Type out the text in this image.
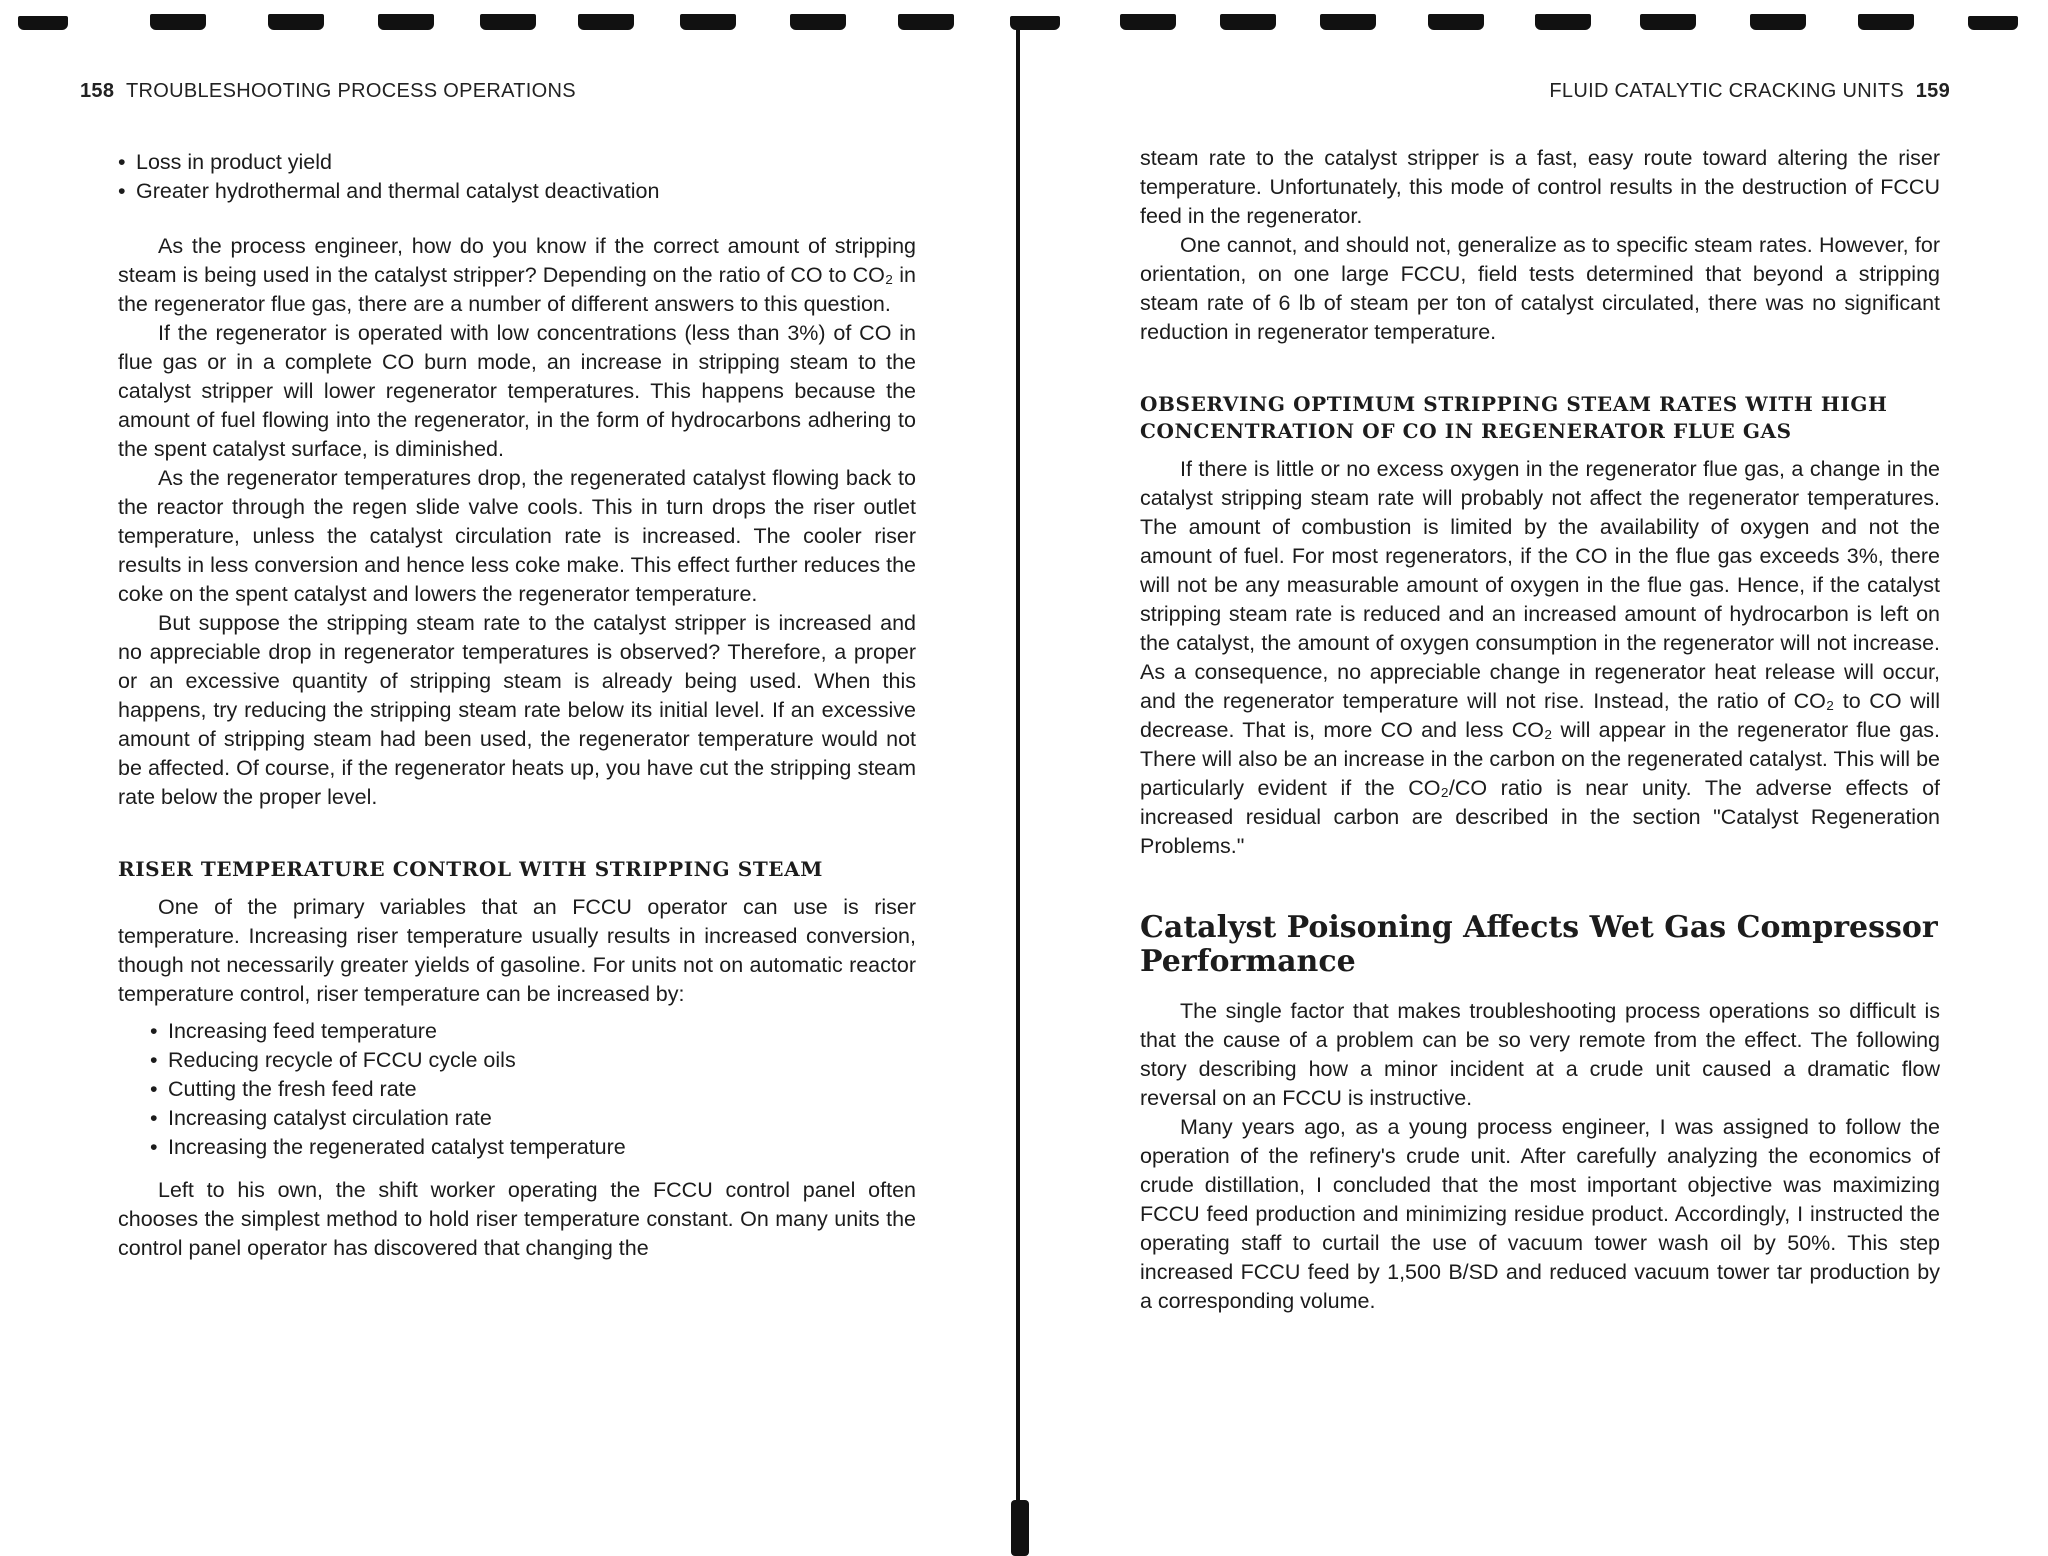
158 TROUBLESHOOTING PROCESS OPERATIONS
• Loss in product yield
• Greater hydrothermal and thermal catalyst deactivation

As the process engineer, how do you know if the correct amount of stripping steam is being used in the catalyst stripper? Depending on the ratio of CO to CO₂ in the regenerator flue gas, there are a number of different answers to this question.

If the regenerator is operated with low concentrations (less than 3%) of CO in flue gas or in a complete CO burn mode, an increase in stripping steam to the catalyst stripper will lower regenerator temperatures. This happens because the amount of fuel flowing into the regenerator, in the form of hydrocarbons adhering to the spent catalyst surface, is diminished.

As the regenerator temperatures drop, the regenerated catalyst flowing back to the reactor through the regen slide valve cools. This in turn drops the riser outlet temperature, unless the catalyst circulation rate is increased. The cooler riser results in less conversion and hence less coke make. This effect further reduces the coke on the spent catalyst and lowers the regenerator temperature.

But suppose the stripping steam rate to the catalyst stripper is increased and no appreciable drop in regenerator temperatures is observed? Therefore, a proper or an excessive quantity of stripping steam is already being used. When this happens, try reducing the stripping steam rate below its initial level. If an excessive amount of stripping steam had been used, the regenerator temperature would not be affected. Of course, if the regenerator heats up, you have cut the stripping steam rate below the proper level.

RISER TEMPERATURE CONTROL WITH STRIPPING STEAM

One of the primary variables that an FCCU operator can use is riser temperature. Increasing riser temperature usually results in increased conversion, though not necessarily greater yields of gasoline. For units not on automatic reactor temperature control, riser temperature can be increased by:

• Increasing feed temperature
• Reducing recycle of FCCU cycle oils
• Cutting the fresh feed rate
• Increasing catalyst circulation rate
• Increasing the regenerated catalyst temperature

Left to his own, the shift worker operating the FCCU control panel often chooses the simplest method to hold riser temperature constant. On many units the control panel operator has discovered that changing the

FLUID CATALYTIC CRACKING UNITS 159

steam rate to the catalyst stripper is a fast, easy route toward altering the riser temperature. Unfortunately, this mode of control results in the destruction of FCCU feed in the regenerator.

One cannot, and should not, generalize as to specific steam rates. However, for orientation, on one large FCCU, field tests determined that beyond a stripping steam rate of 6 lb of steam per ton of catalyst circulated, there was no significant reduction in regenerator temperature.

OBSERVING OPTIMUM STRIPPING STEAM RATES WITH HIGH CONCENTRATION OF CO IN REGENERATOR FLUE GAS

If there is little or no excess oxygen in the regenerator flue gas, a change in the catalyst stripping steam rate will probably not affect the regenerator temperatures. The amount of combustion is limited by the availability of oxygen and not the amount of fuel. For most regenerators, if the CO in the flue gas exceeds 3%, there will not be any measurable amount of oxygen in the flue gas. Hence, if the catalyst stripping steam rate is reduced and an increased amount of hydrocarbon is left on the catalyst, the amount of oxygen consumption in the regenerator will not increase. As a consequence, no appreciable change in regenerator heat release will occur, and the regenerator temperature will not rise. Instead, the ratio of CO₂ to CO will decrease. That is, more CO and less CO₂ will appear in the regenerator flue gas. There will also be an increase in the carbon on the regenerated catalyst. This will be particularly evident if the CO₂/CO ratio is near unity. The adverse effects of increased residual carbon are described in the section "Catalyst Regeneration Problems."

Catalyst Poisoning Affects Wet Gas Compressor Performance

The single factor that makes troubleshooting process operations so difficult is that the cause of a problem can be so very remote from the effect. The following story describing how a minor incident at a crude unit caused a dramatic flow reversal on an FCCU is instructive.

Many years ago, as a young process engineer, I was assigned to follow the operation of the refinery's crude unit. After carefully analyzing the economics of crude distillation, I concluded that the most important objective was maximizing FCCU feed production and minimizing residue product. Accordingly, I instructed the operating staff to curtail the use of vacuum tower wash oil by 50%. This step increased FCCU feed by 1,500 B/SD and reduced vacuum tower tar production by a corresponding volume.
